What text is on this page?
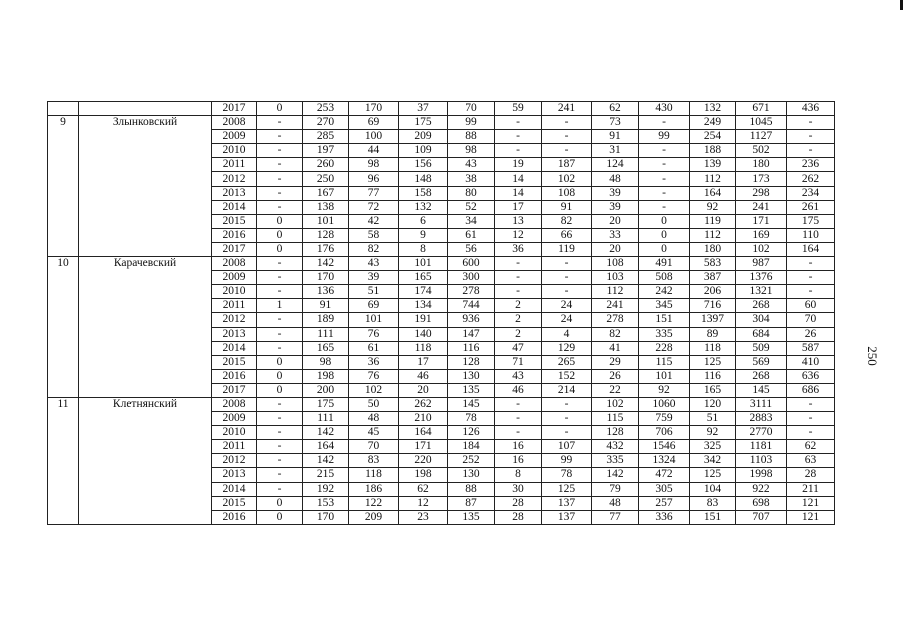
		2017	0	253	170	37	70	59	241	62	430	132	671	436
9	Злынковский	2008	-	270	69	175	99	-	-	73	-	249	1045	-
		2009	-	285	100	209	88	-	-	91	99	254	1127	-
		2010	-	197	44	109	98	-	-	31	-	188	502	-
		2011	-	260	98	156	43	19	187	124	-	139	180	236
		2012	-	250	96	148	38	14	102	48	-	112	173	262
		2013	-	167	77	158	80	14	108	39	-	164	298	234
		2014	-	138	72	132	52	17	91	39	-	92	241	261
		2015	0	101	42	6	34	13	82	20	0	119	171	175
		2016	0	128	58	9	61	12	66	33	0	112	169	110
		2017	0	176	82	8	56	36	119	20	0	180	102	164
10	Карачевский	2008	-	142	43	101	600	-	-	108	491	583	987	-
		2009	-	170	39	165	300	-	-	103	508	387	1376	-
		2010	-	136	51	174	278	-	-	112	242	206	1321	-
		2011	1	91	69	134	744	2	24	241	345	716	268	60
		2012	-	189	101	191	936	2	24	278	151	1397	304	70
		2013	-	111	76	140	147	2	4	82	335	89	684	26
		2014	-	165	61	118	116	47	129	41	228	118	509	587
		2015	0	98	36	17	128	71	265	29	115	125	569	410
		2016	0	198	76	46	130	43	152	26	101	116	268	636
		2017	0	200	102	20	135	46	214	22	92	165	145	686
11	Клетнянский	2008	-	175	50	262	145	-	-	102	1060	120	3111	-
		2009	-	111	48	210	78	-	-	115	759	51	2883	-
		2010	-	142	45	164	126	-	-	128	706	92	2770	-
		2011	-	164	70	171	184	16	107	432	1546	325	1181	62
		2012	-	142	83	220	252	16	99	335	1324	342	1103	63
		2013	-	215	118	198	130	8	78	142	472	125	1998	28
		2014	-	192	186	62	88	30	125	79	305	104	922	211
		2015	0	153	122	12	87	28	137	48	257	83	698	121
		2016	0	170	209	23	135	28	137	77	336	151	707	121
250
